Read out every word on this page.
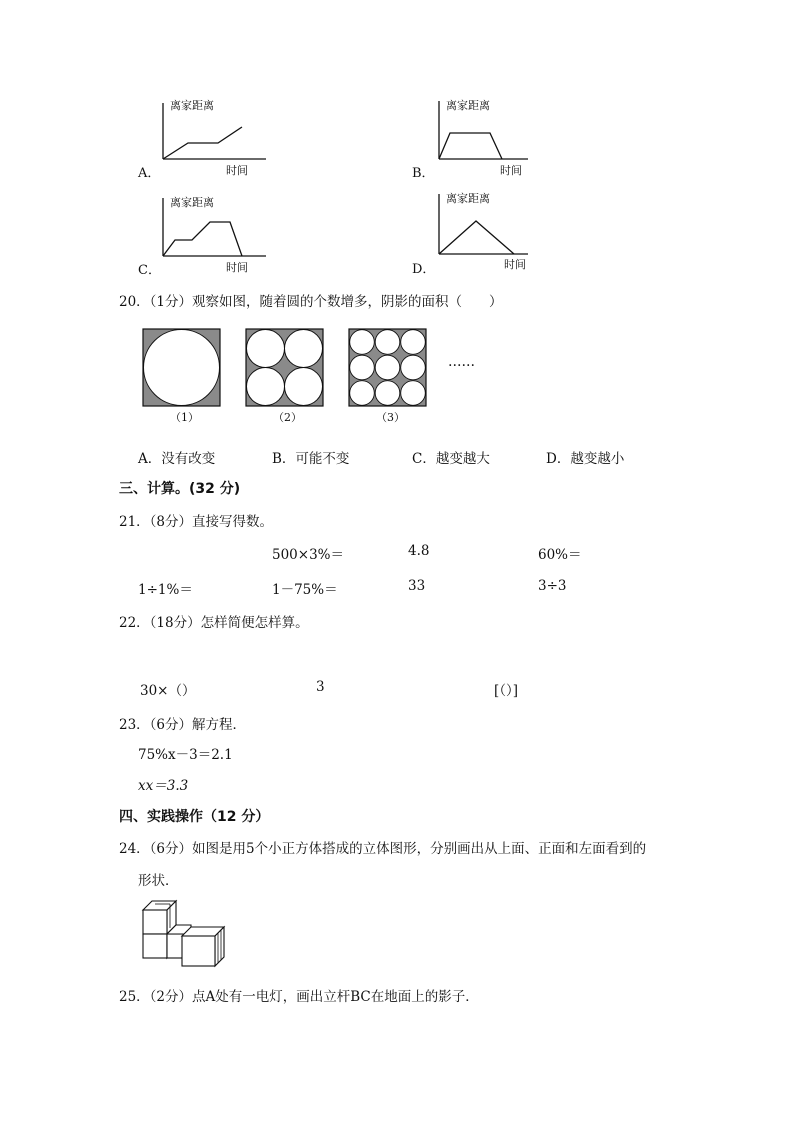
离家距离
时间
A．
离家距离
时间
B．
离家距离
时间
C．
离家距离
时间
D．
20．（1分）观察如图，随着圆的个数增多，阴影的面积（　　）
……
（1）	（2）	（3）
A．没有改变	B．可能不变	C．越变越大	D．越变越小
三、计算。(32 分)
21．（8分）直接写得数。
500×3%＝	4.8	60%＝
1÷1%＝	1－75%＝	33	3÷3
22．（18分）怎样简便怎样算。
30×（）	3	[（）]
23．（6分）解方程．
75%x－3＝2.1
xx＝3.3
四、实践操作（12 分）
24．（6分）如图是用5个小正方体搭成的立体图形，分别画出从上面、正面和左面看到的
形状．
25．（2分）点A处有一电灯，画出立杆BC在地面上的影子．
